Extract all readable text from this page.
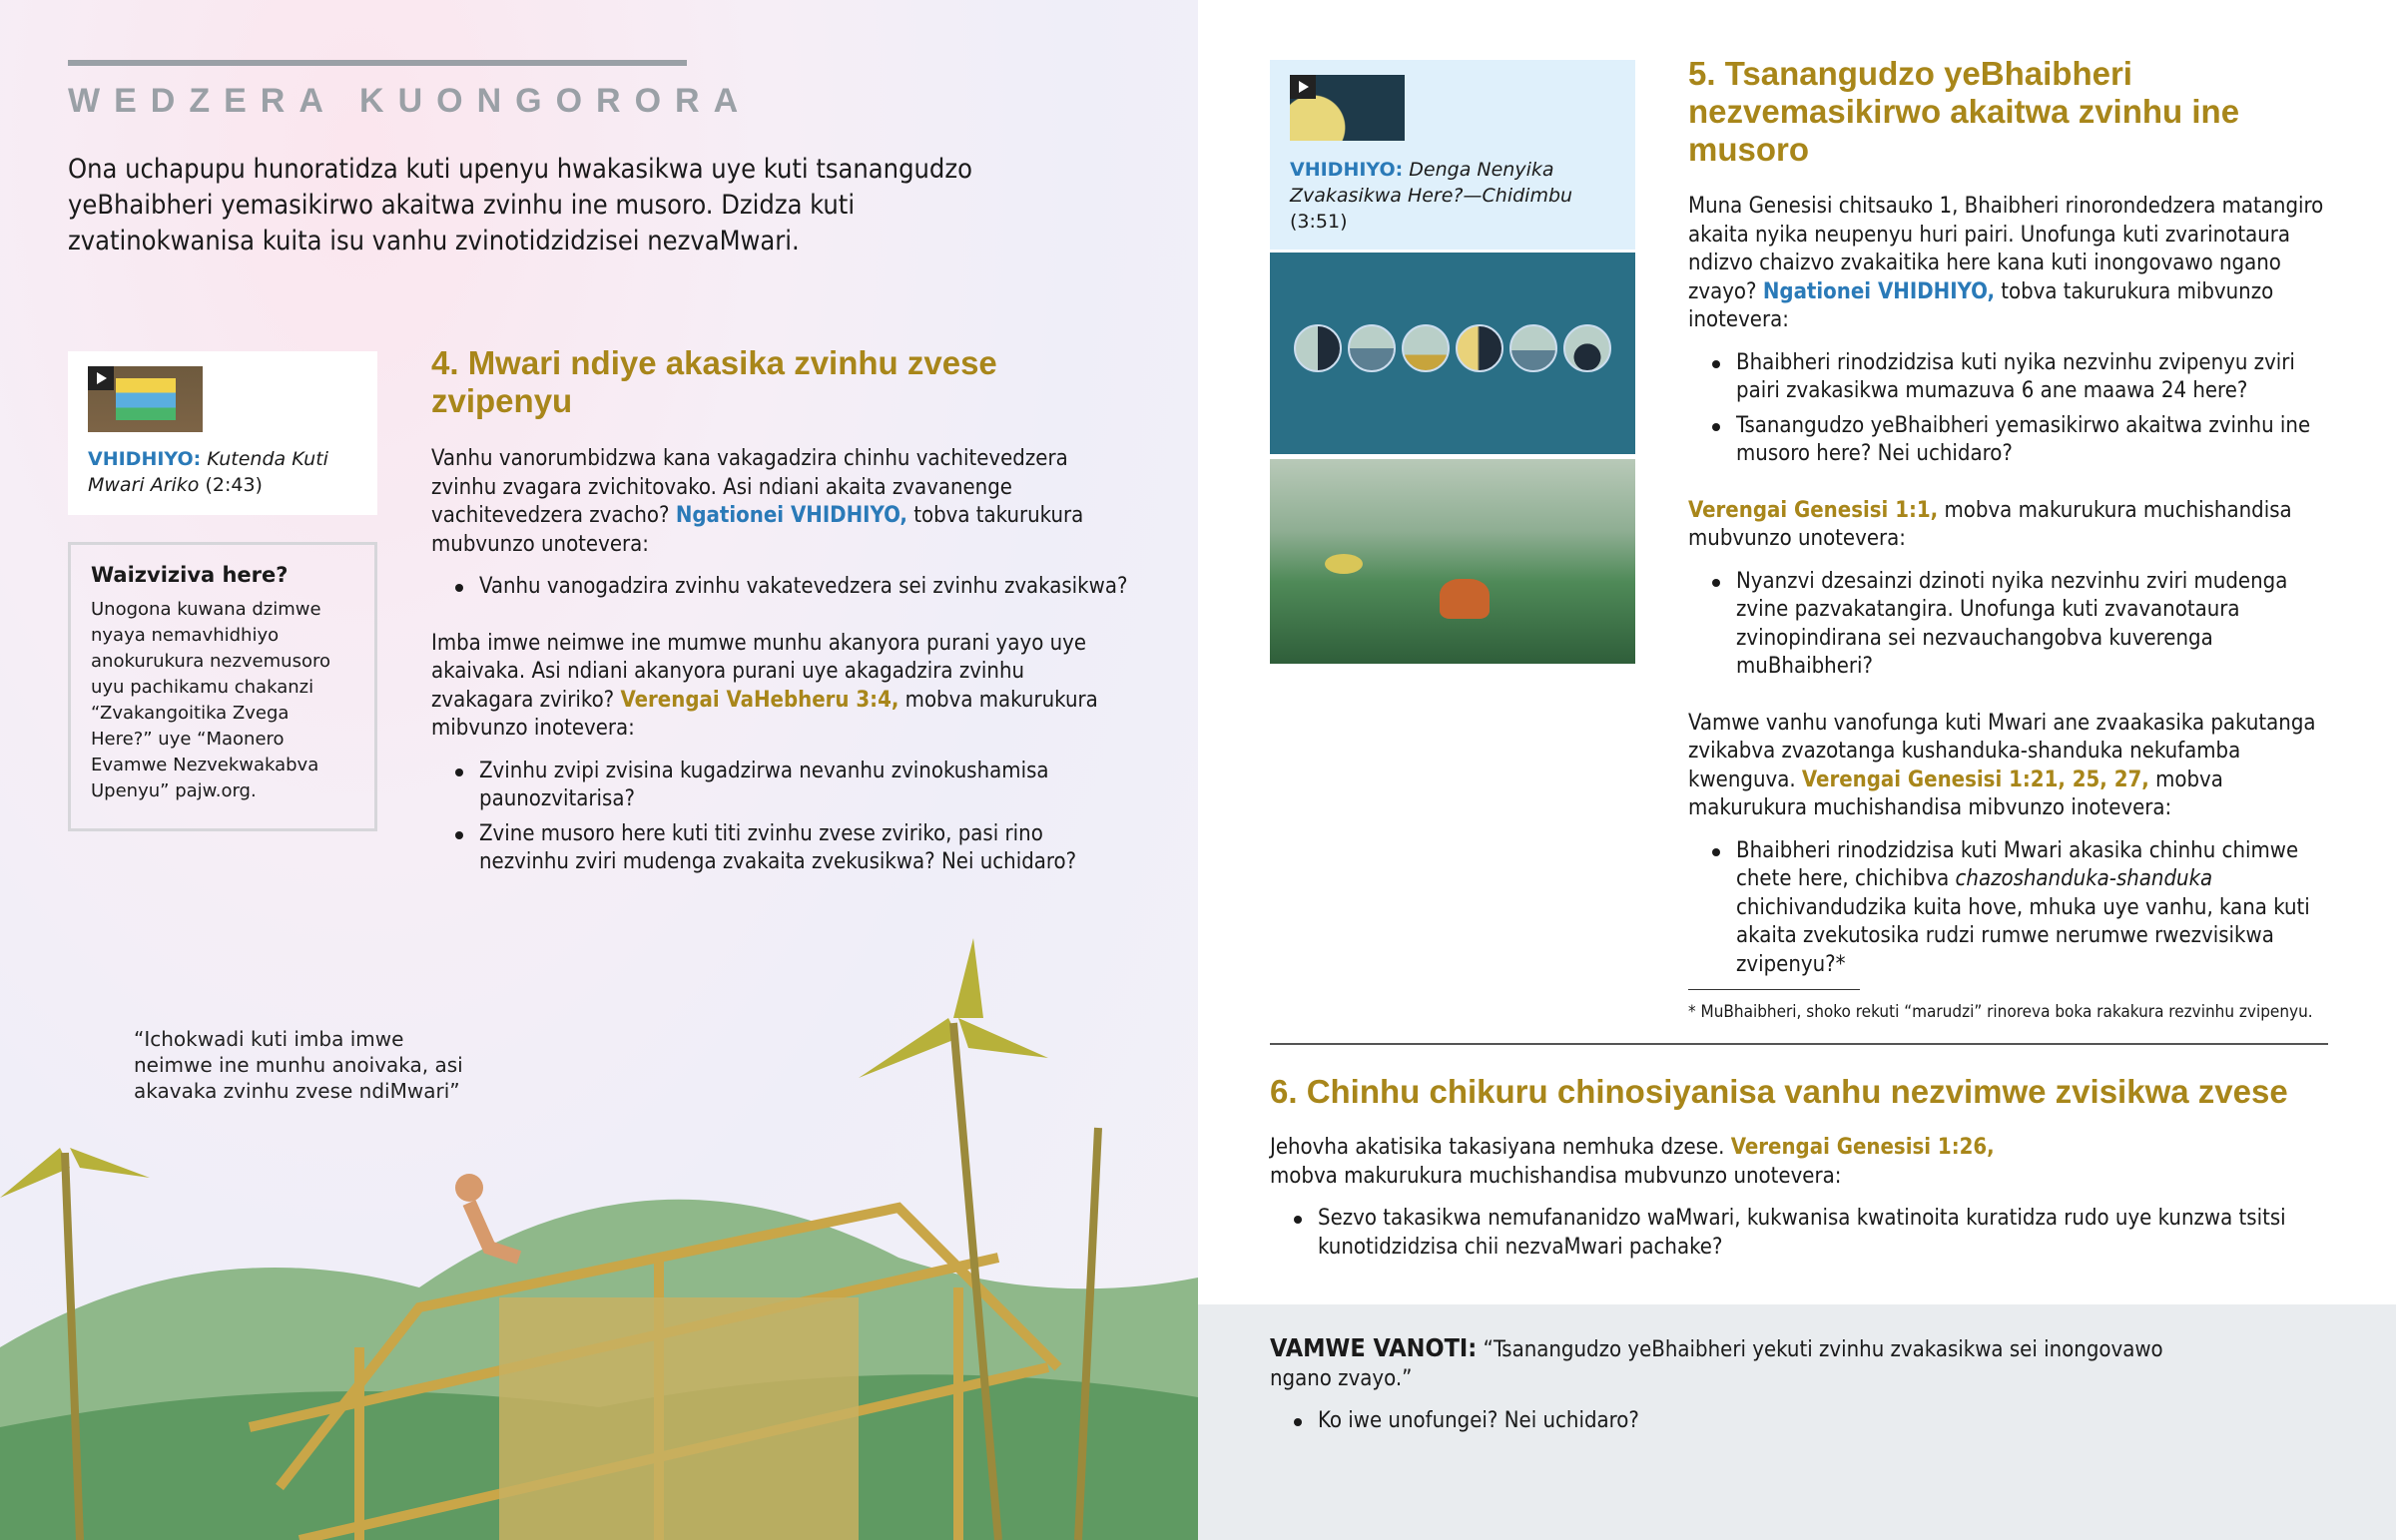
WEDZERA KUONGORORA
Ona uchapupu hunoratidza kuti upenyu hwakasikwa uye kuti tsanangudzo yeBhaibheri yemasikirwo akaitwa zvinhu ine musoro. Dzidza kuti zvatinokwanisa kuita isu vanhu zvinotidzidzisei nezvaMwari.
VHIDHIYO: Kutenda Kuti Mwari Ariko (2:43)
Waizviziva here?
Unogona kuwana dzimwe nyaya nemavhidhiyo anokurukura nezvemusoro uyu pachikamu chakanzi “Zvakangoitika Zvega Here?” uye “Maonero Evamwe Nezvekwakabva Upenyu” pajw.org.
4. Mwari ndiye akasika zvinhu zvese zvipenyu

Vanhu vanorumbidzwa kana vakagadzira chinhu vachitevedzera zvinhu zvagara zvichitovako. Asi ndiani akaita zvavanenge vachitevedzera zvacho? Ngationei VHIDHIYO, tobva takurukura mubvunzo unotevera:

Vanhu vanogadzira zvinhu vakatevedzera sei zvinhu zvakasikwa?

Imba imwe neimwe ine mumwe munhu akanyora purani yayo uye akaivaka. Asi ndiani akanyora purani uye akagadzira zvinhu zvakagara zviriko? Verengai VaHebheru 3:4, mobva makurukura mibvunzo inotevera:

Zvinhu zvipi zvisina kugadzirwa nevanhu zvinokushamisa paunozvitarisa?
Zvine musoro here kuti titi zvinhu zvese zviriko, pasi rino nezvinhu zviri mudenga zvakaita zvekusikwa? Nei uchidaro?
“Ichokwadi kuti imba imwe neimwe ine munhu anoivaka, asi akavaka zvinhu zvese ndiMwari”
VHIDHIYO: Denga Nenyika Zvakasikwa Here?—Chidimbu (3:51)
5. Tsanangudzo yeBhaibheri nezvemasikirwo akaitwa zvinhu ine musoro

Muna Genesisi chitsauko 1, Bhaibheri rinorondedzera matangiro akaita nyika neupenyu huri pairi. Unofunga kuti zvarinotaura ndizvo chaizvo zvakaitika here kana kuti inongovawo ngano zvayo? Ngationei VHIDHIYO, tobva takurukura mibvunzo inotevera:

Bhaibheri rinodzidzisa kuti nyika nezvinhu zvipenyu zviri pairi zvakasikwa mumazuva 6 ane maawa 24 here?
Tsanangudzo yeBhaibheri yemasikirwo akaitwa zvinhu ine musoro here? Nei uchidaro?

Verengai Genesisi 1:1, mobva makurukura muchishandisa mubvunzo unotevera:

Nyanzvi dzesainzi dzinoti nyika nezvinhu zviri mudenga zvine pazvakatangira. Unofunga kuti zvavanotaura zvinopindirana sei nezvauchangobva kuverenga muBhaibheri?

Vamwe vanhu vanofunga kuti Mwari ane zvaakasika pakutanga zvikabva zvazotanga kushanduka-shanduka nekufamba kwenguva. Verengai Genesisi 1:21, 25, 27, mobva makurukura muchishandisa mibvunzo inotevera:

Bhaibheri rinodzidzisa kuti Mwari akasika chinhu chimwe chete here, chichibva chazoshanduka-shanduka chichivandudzika kuita hove, mhuka uye vanhu, kana kuti akaita zvekutosika rudzi rumwe nerumwe rwezvisikwa zvipenyu?*
* MuBhaibheri, shoko rekuti “marudzi” rinoreva boka rakakura rezvinhu zvipenyu.
6. Chinhu chikuru chinosiyanisa vanhu nezvimwe zvisikwa zvese

Jehovha akatisika takasiyana nemhuka dzese. Verengai Genesisi 1:26,
mobva makurukura muchishandisa mubvunzo unotevera:

Sezvo takasikwa nemufananidzo waMwari, kukwanisa kwatinoita kuratidza rudo uye kunzwa tsitsi kunotidzidzisa chii nezvaMwari pachake?

VAMWE VANOTI: “Tsanangudzo yeBhaibheri yekuti zvinhu zvakasikwa sei inongovawo ngano zvayo.”

Ko iwe unofungei? Nei uchidaro?
